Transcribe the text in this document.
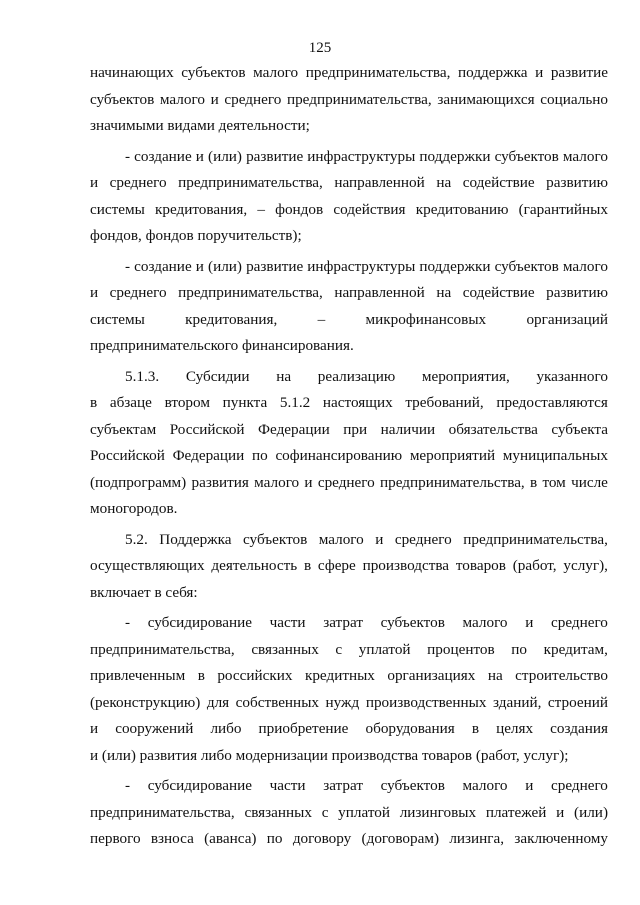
125
начинающих субъектов малого предпринимательства, поддержка и развитие
субъектов малого и среднего предпринимательства, занимающихся социально
значимыми видами деятельности;
- создание и (или) развитие инфраструктуры поддержки субъектов малого
и среднего предпринимательства, направленной на содействие развитию
системы кредитования, – фондов содействия кредитованию (гарантийных
фондов, фондов поручительств);
- создание и (или) развитие инфраструктуры поддержки субъектов малого
и среднего предпринимательства, направленной на содействие развитию
системы	кредитования,	–	микрофинансовых	организаций
предпринимательского финансирования.
5.1.3. Субсидии на реализацию мероприятия, указанного
в абзаце втором пункта 5.1.2 настоящих требований, предоставляются
субъектам Российской Федерации при наличии обязательства субъекта
Российской Федерации по софинансированию мероприятий муниципальных
(подпрограмм) развития малого и среднего предпринимательства, в том числе
моногородов.
5.2. Поддержка субъектов малого и среднего предпринимательства,
осуществляющих деятельность в сфере производства товаров (работ, услуг),
включает в себя:
- субсидирование части затрат субъектов малого и среднего
предпринимательства, связанных с уплатой процентов по кредитам,
привлеченным в российских кредитных организациях на строительство
(реконструкцию) для собственных нужд производственных зданий, строений
и сооружений либо приобретение оборудования в целях создания
и (или) развития либо модернизации производства товаров (работ, услуг);
- субсидирование части затрат субъектов малого и среднего
предпринимательства, связанных с уплатой лизинговых платежей и (или)
первого взноса (аванса) по договору (договорам) лизинга, заключенному
